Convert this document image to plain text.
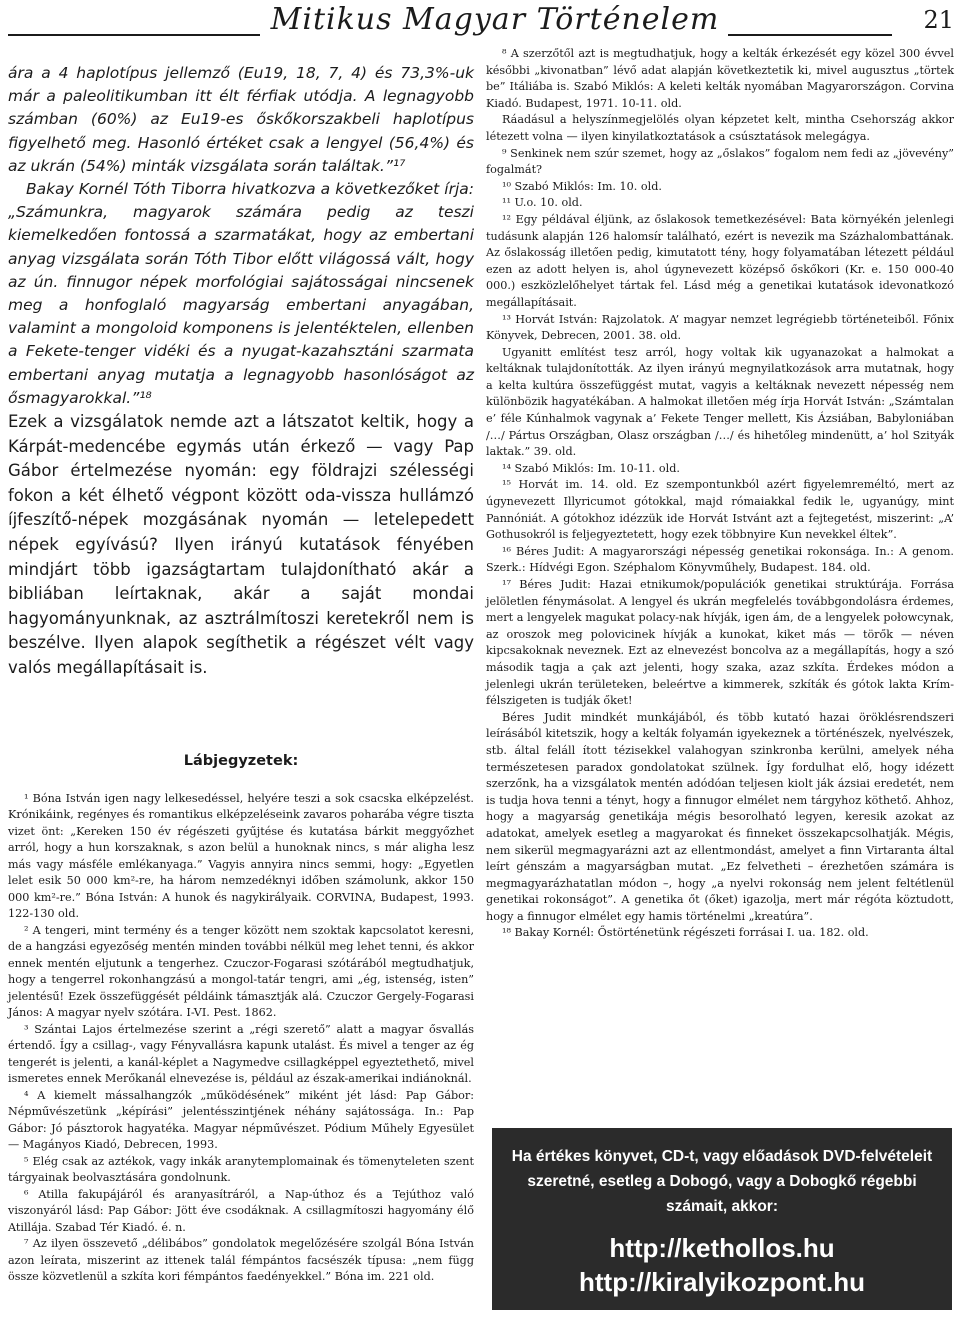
Mitikus Magyar Történelem	21
ára a 4 haplotípus jellemző (Eu19, 18, 7, 4) és 73,3%-uk már a paleolitikumban itt élt férfiak utódja. A legnagyobb számban (60%) az Eu19-es őskőkorszakbeli haplotípus figyelhető meg. Hasonló értéket csak a lengyel (56,4%) és az ukrán (54%) minták vizsgálata során találtak.”¹⁷
Bakay Kornél Tóth Tiborra hivatkozva a következőket írja: „Számunkra, magyarok számára pedig az teszi kiemelkedően fontossá a szarmatákat, hogy az embertani anyag vizsgálata során Tóth Tibor előtt világossá vált, hogy az ún. finnugor népek morfológiai sajátosságai nincsenek meg a honfoglaló magyarság embertani anyagában, valamint a mongoloid komponens is jelentéktelen, ellenben a Fekete-tenger vidéki és a nyugat-kazahsztáni szarmata embertani anyag mutatja a legnagyobb hasonlóságot az ősmagyarokkal.”¹⁸
Ezek a vizsgálatok nemde azt a látszatot keltik, hogy a Kárpát-medencébe egymás után érkező — vagy Pap Gábor értelmezése nyomán: egy földrajzi szélességi fokon a két élhető végpont között oda-vissza hullámzó íjfeszítő-népek mozgásának nyomán — letelepedett népek egyívású? Ilyen irányú kutatások fényében mindjárt több igazságtartam tulajdonítható akár a bibliában leírtaknak, akár a saját mondai hagyományunknak, az asztrálmítoszi keretekről nem is beszélve. Ilyen alapok segíthetik a régészet vélt vagy valós megállapításait is.
Lábjegyzetek:

¹ Bóna István igen nagy lelkesedéssel, helyére teszi a sok csacska elképzelést. Krónikáink, regényes és romantikus elképzeléseink zavaros poharába végre tiszta vizet önt: „Kereken 150 év régészeti gyűjtése és kutatása bárkit meggyőzhet arról, hogy a hun korszaknak, s azon belül a hunoknak nincs, s már aligha lesz más vagy másféle emlékanyaga.” Vagyis annyira nincs semmi, hogy: „Egyetlen lelet esik 50 000 km²-re, ha három nemzedéknyi időben számolunk, akkor 150 000 km²-re.” Bóna István: A hunok és nagykirályaik. CORVINA, Budapest, 1993. 122-130 old.

² A tengeri, mint termény és a tenger között nem szoktak kapcsolatot keresni, de a hangzási egyezőség mentén minden további nélkül meg lehet tenni, és akkor ennek mentén eljutunk a tengerhez. Czuczor-Fogarasi szótárából megtudhatjuk, hogy a tengerrel rokonhangzású a mongol-tatár tengri, ami „ég, istenség, isten” jelentésű! Ezek összefüggését példáink támasztják alá. Czuczor Gergely-Fogarasi János: A magyar nyelv szótára. I-VI. Pest. 1862.

³ Szántai Lajos értelmezése szerint a „régi szerető” alatt a magyar ősvallás értendő. Így a csillag-, vagy Fényvallásra kapunk utalást. És mivel a tenger az ég tengerét is jelenti, a kanál-képlet a Nagymedve csillagképpel egyeztethető, mivel ismeretes ennek Merőkanál elnevezése is, például az észak-amerikai indiánoknál.

⁴ A kiemelt mássalhangzók „működésének” miként jét lásd: Pap Gábor: Népművészetünk „képírási” jelentésszintjének néhány sajátossága. In.: Pap Gábor: Jó pásztorok hagyatéka. Magyar népművészet. Pódium Műhely Egyesület — Magányos Kiadó, Debrecen, 1993.

⁵ Elég csak az aztékok, vagy inkák aranytemplomainak és tömenyteleten szent tárgyainak beolvasztására gondolnunk.

⁶ Atilla fakupájáról és aranyasítráról, a Nap-úthoz és a Tejúthoz való viszonyáról lásd: Pap Gábor: Jött éve csodáknak. A csillagmítoszi hagyomány élő Atillája. Szabad Tér Kiadó. é. n.

⁷ Az ilyen összevető „délibábos” gondolatok megelőzésére szolgál Bóna István azon leírata, miszerint az ittenek talál fémpántos facsészék típusa: „nem függ össze közvetlenül a szkíta kori fémpántos faedényekkel.” Bóna im. 221 old.

⁸ A szerzőtől azt is megtudhatjuk, hogy a kelták érkezését egy közel 300 évvel későbbi „kivonatban” lévő adat alapján következtetik ki, mivel augusztus „törtek be” Itáliába is. Szabó Miklós: A keleti kelták nyomában Magyarországon. Corvina Kiadó. Budapest, 1971. 10-11. old.

Ráadásul a helyszínmegjelölés olyan képzetet kelt, mintha Csehország akkor létezett volna — ilyen kinyilatkoztatások a csúsztatások melegágya.

⁹ Senkinek nem szúr szemet, hogy az „őslakos” fogalom nem fedi az „jövevény” fogalmát?

¹⁰ Szabó Miklós: Im. 10. old.

¹¹ U.o. 10. old.

¹² Egy példával éljünk, az őslakosok temetkezésével: Bata környékén jelenlegi tudásunk alapján 126 halomsír található, ezért is nevezik ma Százhalombattának. Az őslakosság illetően pedig, kimutatott tény, hogy folyamatában létezett például ezen az adott helyen is, ahol úgynevezett középső őskőkori (Kr. e. 150 000-40 000.) eszközlelőhelyet tártak fel. Lásd még a genetikai kutatások idevonatkozó megállapításait.

¹³ Horvát István: Rajzolatok. A’ magyar nemzet legrégiebb történeteiből. Főnix Könyvek, Debrecen, 2001. 38. old.

Ugyanitt említést tesz arról, hogy voltak kik ugyanazokat a halmokat a keltáknak tulajdonították. Az ilyen irányú megnyilatkozások arra mutatnak, hogy a kelta kultúra összefüggést mutat, vagyis a keltáknak nevezett népesség nem különbözik hagyatékában. A halmokat illetően még írja Horvát István: „Számtalan e’ féle Kúnhalmok vagynak a’ Fekete Tenger mellett, Kis Ázsiában, Babyloniában /…/ Pártus Országban, Olasz országban /…/ és hihetőleg mindenütt, a’ hol Szityák laktak.” 39. old.

¹⁴ Szabó Miklós: Im. 10-11. old.

¹⁵ Horvát im. 14. old. Ez szempontunkból azért figyelemreméltó, mert az úgynevezett Illyricumot gótokkal, majd rómaiakkal fedik le, ugyanúgy, mint Pannóniát. A gótokhoz idézzük ide Horvát Istvánt azt a fejtegetést, miszerint: „A’ Gothusokról is feljegyeztetett, hogy ezek többnyire Kun nevekkel éltek”.

¹⁶ Béres Judit: A magyarországi népesség genetikai rokonsága. In.: A genom. Szerk.: Hídvégi Egon. Széphalom Könyvműhely, Budapest. 184. old.

¹⁷ Béres Judit: Hazai etnikumok/populációk genetikai struktúrája. Forrása jelöletlen fénymásolat. A lengyel és ukrán megfelelés továbbgondolásra érdemes, mert a lengyelek magukat polacy-nak hívják, igen ám, de a lengyelek połowcynak, az oroszok meg polovicinek hívják a kunokat, kiket más — törők — néven kipcsakoknak neveznek. Ezt az elnevezést boncolva az a megállapítás, hogy a szó második tagja a çak azt jelenti, hogy szaka, azaz szkíta. Érdekes módon a jelenlegi ukrán területeken, beleértve a kimmerek, szkíták és gótok lakta Krím-félszigeten is tudják őket!

Béres Judit mindkét munkájából, és több kutató hazai öröklésrendszeri leírásából kitetszik, hogy a kelták folyamán igyekeznek a történészek, nyelvészek, stb. által feláll ított tézisekkel valahogyan szinkronba kerülni, amelyek néha természetesen paradox gondolatokat szülnek. Így fordulhat elő, hogy idézett szerzőnk, ha a vizsgálatok mentén adódóan teljesen kiolt ják ázsiai eredetét, nem is tudja hova tenni a tényt, hogy a finnugor elmélet nem tárgyhoz köthető. Ahhoz, hogy a magyarság genetikája mégis besorolható legyen, keresik azokat az adatokat, amelyek esetleg a magyarokat és finneket összekapcsolhatják. Mégis, nem sikerül megmagyarázni azt az ellentmondást, amelyet a finn Virtaranta által leírt génszám a magyarságban mutat. „Ez felvetheti – érezhetően számára is megmagyarázhatatlan módon –, hogy „a nyelvi rokonság nem jelent feltétlenül genetikai rokonságot”. A genetika őt (őket) igazolja, mert már régóta köztudott, hogy a finnugor elmélet egy hamis történelmi „kreatúra”.

¹⁸ Bakay Kornél: Őstörténetünk régészeti forrásai I. ua. 182. old.

Ha értékes könyvet, CD-t, vagy előadások DVD-felvételeit szeretné, esetleg a Dobogó, vagy a Dobogkő régebbi számait, akkor:
http://kethollos.hu
http://kiralyikozpont.hu
